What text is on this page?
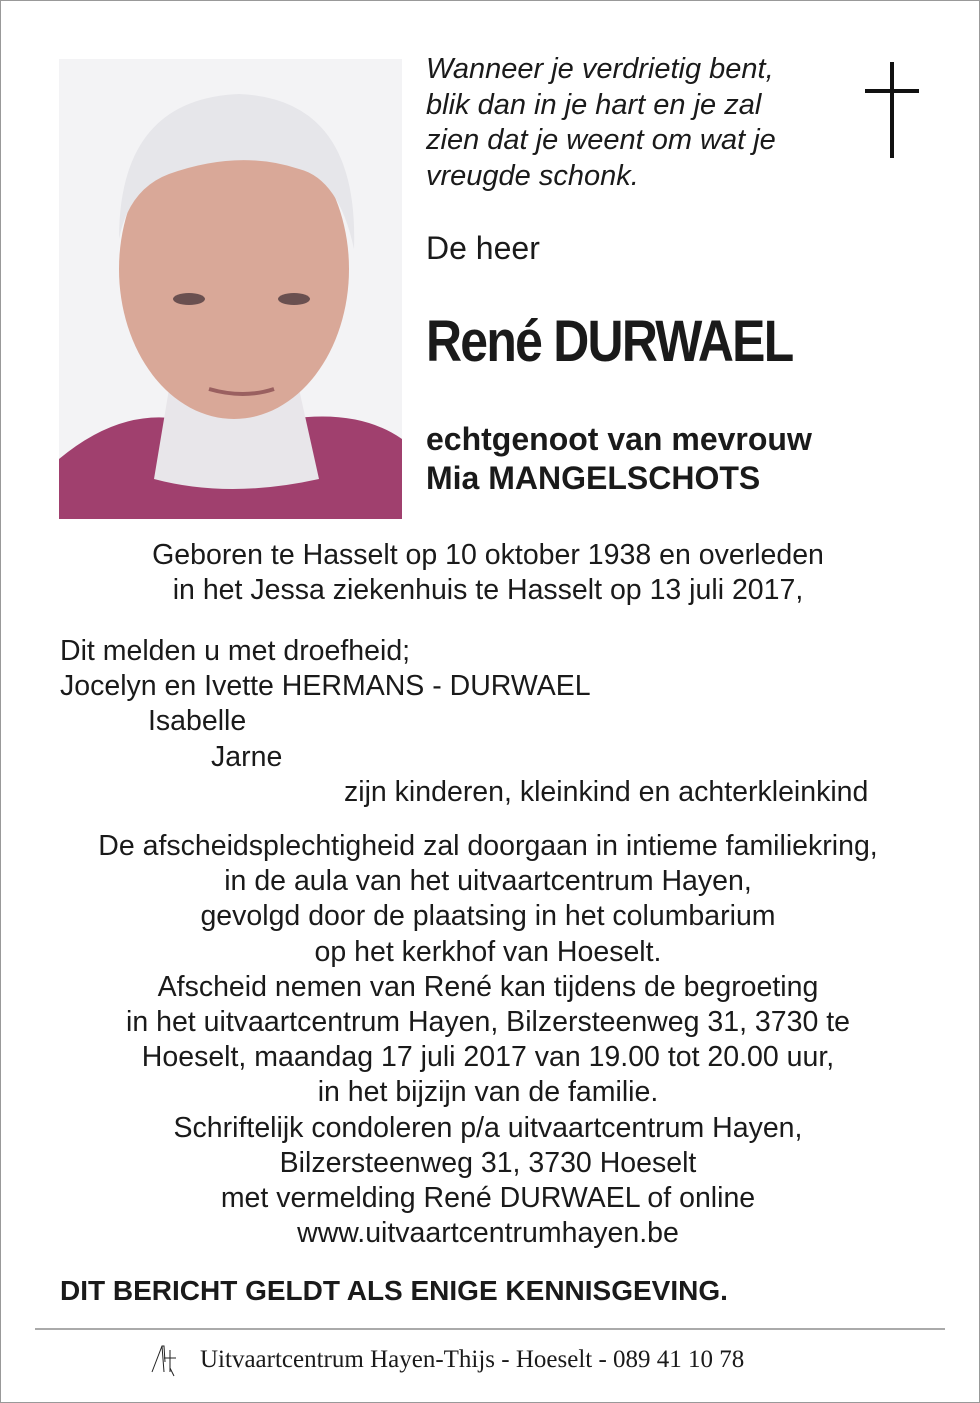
Wanneer je verdrietig bent,
blik dan in je hart en je zal
zien dat je weent om wat je
vreugde schonk.
De heer
René DURWAEL
echtgenoot van mevrouw
Mia MANGELSCHOTS
Geboren te Hasselt op 10 oktober 1938 en overleden
in het Jessa ziekenhuis te Hasselt op 13 juli 2017,
Dit melden u met droefheid;
Jocelyn en Ivette HERMANS - DURWAEL
Isabelle
Jarne
zijn kinderen, kleinkind en achterkleinkind
De afscheidsplechtigheid zal doorgaan in intieme familiekring,
in de aula van het uitvaartcentrum Hayen,
gevolgd door de plaatsing in het columbarium
op het kerkhof van Hoeselt.
Afscheid nemen van René kan tijdens de begroeting
in het uitvaartcentrum Hayen, Bilzersteenweg 31, 3730 te
Hoeselt, maandag 17 juli 2017 van 19.00 tot 20.00 uur,
in het bijzijn van de familie.
Schriftelijk condoleren p/a uitvaartcentrum Hayen,
Bilzersteenweg 31, 3730 Hoeselt
met vermelding René DURWAEL of online
www.uitvaartcentrumhayen.be
DIT BERICHT GELDT ALS ENIGE KENNISGEVING.
Uitvaartcentrum Hayen-Thijs - Hoeselt - 089 41 10 78
